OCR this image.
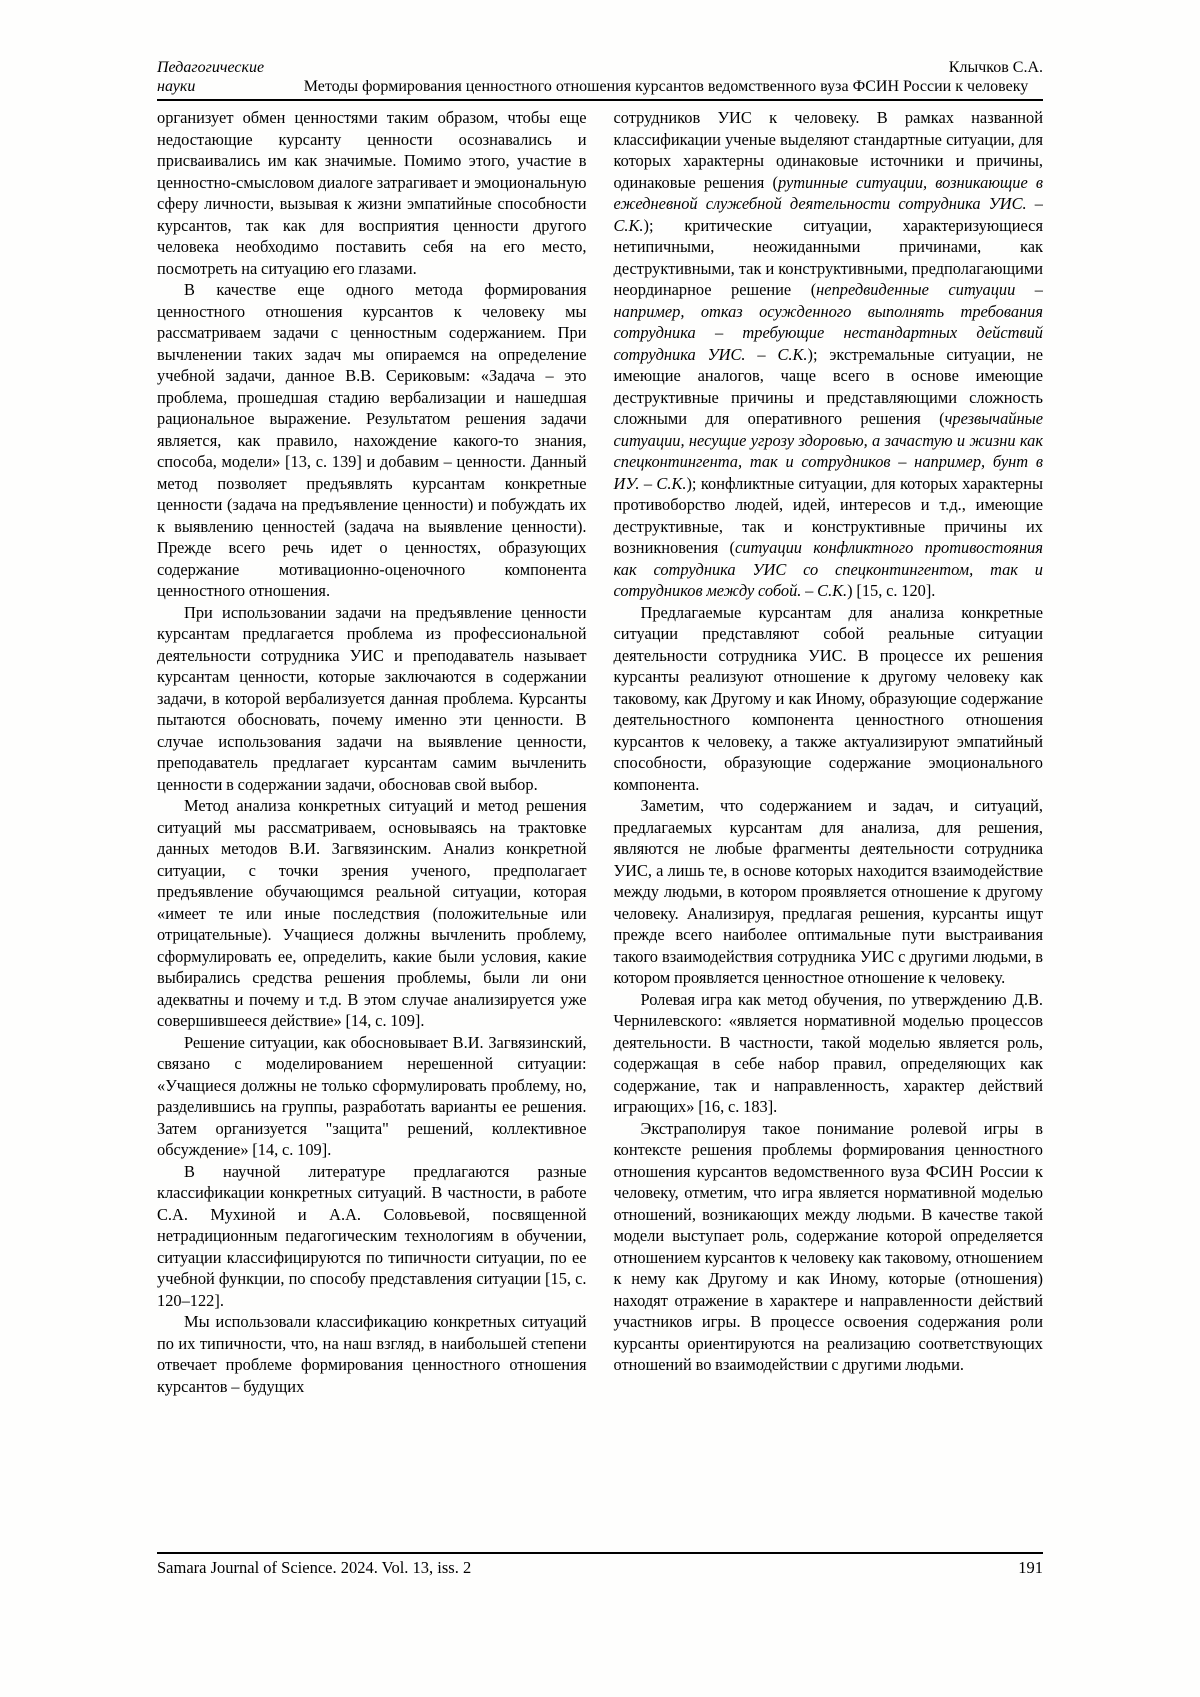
Педагогические
науки
Клычков С.А.
Методы формирования ценностного отношения курсантов ведомственного вуза ФСИН России к человеку

организует обмен ценностями таким образом, чтобы еще недостающие курсанту ценности осознавались и присваивались им как значимые. Помимо этого, участие в ценностно-смысловом диалоге затрагивает и эмоциональную сферу личности, вызывая к жизни эмпатийные способности курсантов, так как для восприятия ценности другого человека необходимо поставить себя на его место, посмотреть на ситуацию его глазами.

В качестве еще одного метода формирования ценностного отношения курсантов к человеку мы рассматриваем задачи с ценностным содержанием. При вычленении таких задач мы опираемся на определение учебной задачи, данное В.В. Сериковым: «Задача – это проблема, прошедшая стадию вербализации и нашедшая рациональное выражение. Результатом решения задачи является, как правило, нахождение какого-то знания, способа, модели» [13, с. 139] и добавим – ценности. Данный метод позволяет предъявлять курсантам конкретные ценности (задача на предъявление ценности) и побуждать их к выявлению ценностей (задача на выявление ценности). Прежде всего речь идет о ценностях, образующих содержание мотивационно-оценочного компонента ценностного отношения.

При использовании задачи на предъявление ценности курсантам предлагается проблема из профессиональной деятельности сотрудника УИС и преподаватель называет курсантам ценности, которые заключаются в содержании задачи, в которой вербализуется данная проблема. Курсанты пытаются обосновать, почему именно эти ценности. В случае использования задачи на выявление ценности, преподаватель предлагает курсантам самим вычленить ценности в содержании задачи, обосновав свой выбор.

Метод анализа конкретных ситуаций и метод решения ситуаций мы рассматриваем, основываясь на трактовке данных методов В.И. Загвязинским. Анализ конкретной ситуации, с точки зрения ученого, предполагает предъявление обучающимся реальной ситуации, которая «имеет те или иные последствия (положительные или отрицательные). Учащиеся должны вычленить проблему, сформулировать ее, определить, какие были условия, какие выбирались средства решения проблемы, были ли они адекватны и почему и т.д. В этом случае анализируется уже совершившееся действие» [14, с. 109].

Решение ситуации, как обосновывает В.И. Загвязинский, связано с моделированием нерешенной ситуации: «Учащиеся должны не только сформулировать проблему, но, разделившись на группы, разработать варианты ее решения. Затем организуется "защита" решений, коллективное обсуждение» [14, с. 109].

В научной литературе предлагаются разные классификации конкретных ситуаций. В частности, в работе С.А. Мухиной и А.А. Соловьевой, посвященной нетрадиционным педагогическим технологиям в обучении, ситуации классифицируются по типичности ситуации, по ее учебной функции, по способу представления ситуации [15, с. 120–122].

Мы использовали классификацию конкретных ситуаций по их типичности, что, на наш взгляд, в наибольшей степени отвечает проблеме формирования ценностного отношения курсантов – будущих

сотрудников УИС к человеку. В рамках названной классификации ученые выделяют стандартные ситуации, для которых характерны одинаковые источники и причины, одинаковые решения (рутинные ситуации, возникающие в ежедневной служебной деятельности сотрудника УИС. – С.К.); критические ситуации, характеризующиеся нетипичными, неожиданными причинами, как деструктивными, так и конструктивными, предполагающими неординарное решение (непредвиденные ситуации – например, отказ осужденного выполнять требования сотрудника – требующие нестандартных действий сотрудника УИС. – С.К.); экстремальные ситуации, не имеющие аналогов, чаще всего в основе имеющие деструктивные причины и представляющими сложность сложными для оперативного решения (чрезвычайные ситуации, несущие угрозу здоровью, а зачастую и жизни как спецконтингента, так и сотрудников – например, бунт в ИУ. – С.К.); конфликтные ситуации, для которых характерны противоборство людей, идей, интересов и т.д., имеющие деструктивные, так и конструктивные причины их возникновения (ситуации конфликтного противостояния как сотрудника УИС со спецконтингентом, так и сотрудников между собой. – С.К.) [15, с. 120].

Предлагаемые курсантам для анализа конкретные ситуации представляют собой реальные ситуации деятельности сотрудника УИС. В процессе их решения курсанты реализуют отношение к другому человеку как таковому, как Другому и как Иному, образующие содержание деятельностного компонента ценностного отношения курсантов к человеку, а также актуализируют эмпатийный способности, образующие содержание эмоционального компонента.

Заметим, что содержанием и задач, и ситуаций, предлагаемых курсантам для анализа, для решения, являются не любые фрагменты деятельности сотрудника УИС, а лишь те, в основе которых находится взаимодействие между людьми, в котором проявляется отношение к другому человеку. Анализируя, предлагая решения, курсанты ищут прежде всего наиболее оптимальные пути выстраивания такого взаимодействия сотрудника УИС с другими людьми, в котором проявляется ценностное отношение к человеку.

Ролевая игра как метод обучения, по утверждению Д.В. Чернилевского: «является нормативной моделью процессов деятельности. В частности, такой моделью является роль, содержащая в себе набор правил, определяющих как содержание, так и направленность, характер действий играющих» [16, с. 183].

Экстраполируя такое понимание ролевой игры в контексте решения проблемы формирования ценностного отношения курсантов ведомственного вуза ФСИН России к человеку, отметим, что игра является нормативной моделью отношений, возникающих между людьми. В качестве такой модели выступает роль, содержание которой определяется отношением курсантов к человеку как таковому, отношением к нему как Другому и как Иному, которые (отношения) находят отражение в характере и направленности действий участников игры. В процессе освоения содержания роли курсанты ориентируются на реализацию соответствующих отношений во взаимодействии с другими людьми.

Samara Journal of Science. 2024. Vol. 13, iss. 2	191
